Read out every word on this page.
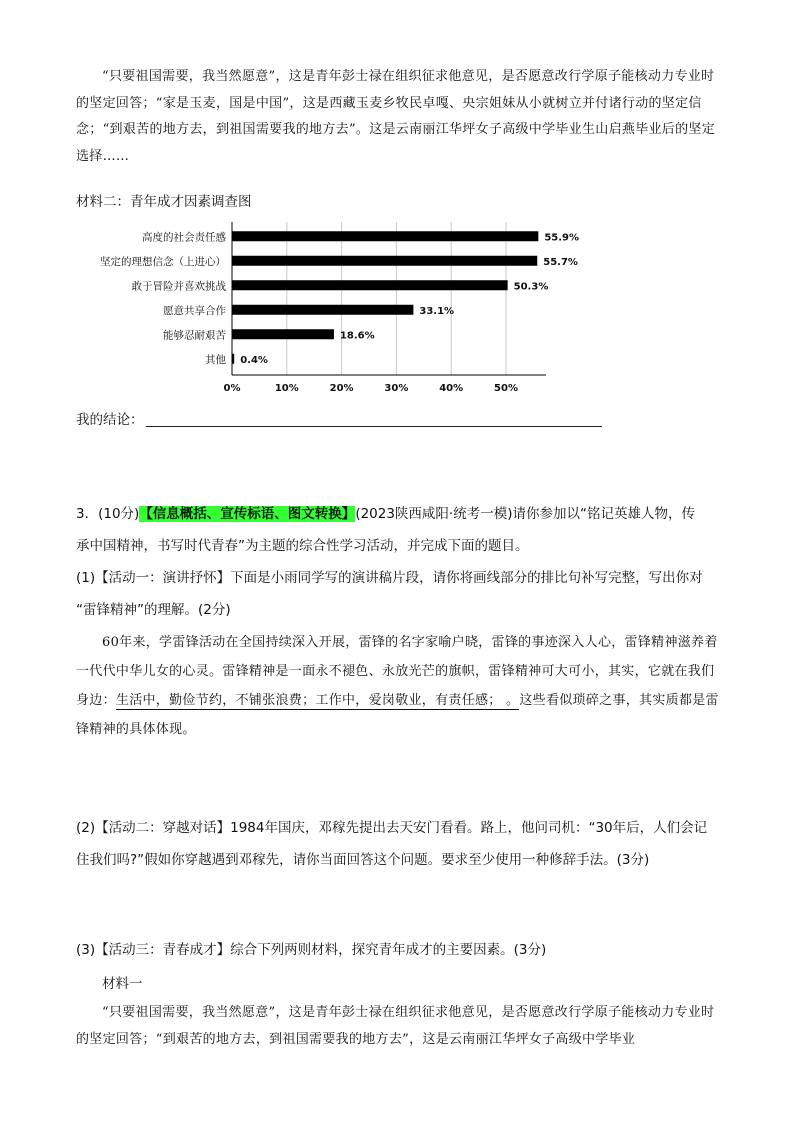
“只要祖国需要，我当然愿意”，这是青年彭士禄在组织征求他意见，是否愿意改行学原子能核动力专业时的坚定回答；“家是玉麦，国是中国”，这是西藏玉麦乡牧民卓嘎、央宗姐妹从小就树立并付诸行动的坚定信念；“到艰苦的地方去，到祖国需要我的地方去”。这是云南丽江华坪女子高级中学毕业生山启燕毕业后的坚定选择……
材料二：青年成才因素调查图
0%	10%	20%	30%	40%	50%
高度的社会责任感	55.9%
坚定的理想信念（上进心）	55.7%
敢于冒险并喜欢挑战	50.3%
愿意共享合作	33.1%
能够忍耐艰苦	18.6%
其他 0.4%
我的结论：
3．(10分)【信息概括、宣传标语、图文转换】(2023陕西咸阳·统考一模)请你参加以“铭记英雄人物，传
承中国精神，书写时代青春”为主题的综合性学习活动，并完成下面的题目。
(1)【活动一：演讲抒怀】下面是小雨同学写的演讲稿片段，请你将画线部分的排比句补写完整，写出你对
“雷锋精神”的理解。(2分)
60年来，学雷锋活动在全国持续深入开展，雷锋的名字家喻户晓，雷锋的事迹深入人心，雷锋精神滋养着一代代中华儿女的心灵。雷锋精神是一面永不褪色、永放光芒的旗帜，雷锋精神可大可小，其实，它就在我们身边：生活中，勤俭节约，不铺张浪费；工作中，爱岗敬业，有责任感； 。这些看似琐碎之事，其实质都是雷锋精神的具体体现。
(2)【活动二：穿越对话】1984年国庆，邓稼先提出去天安门看看。路上，他问司机：“30年后，人们会记
住我们吗?”假如你穿越遇到邓稼先，请你当面回答这个问题。要求至少使用一种修辞手法。(3分)
(3)【活动三：青春成才】综合下列两则材料，探究青年成才的主要因素。(3分)
材料一
“只要祖国需要，我当然愿意”，这是青年彭士禄在组织征求他意见，是否愿意改行学原子能核动力专业时的坚定回答；“到艰苦的地方去，到祖国需要我的地方去”，这是云南丽江华坪女子高级中学毕业
